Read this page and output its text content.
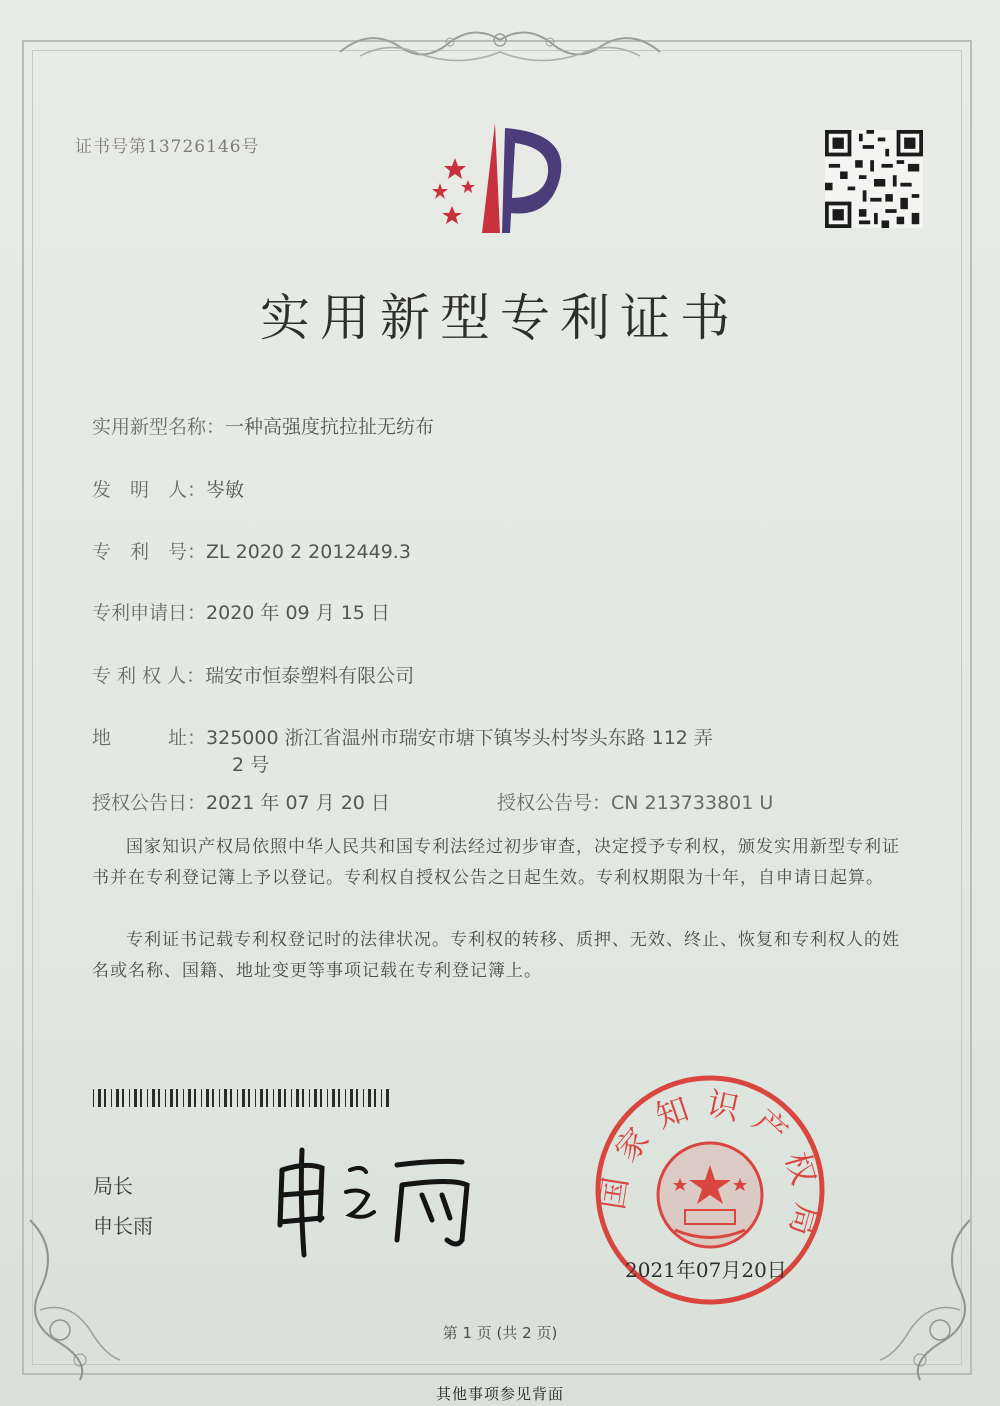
证书号第13726146号
实用新型专利证书
实用新型名称：一种高强度抗拉扯无纺布
发　明　人：岑敏
专　利　号：ZL 2020 2 2012449.3
专利申请日：2020 年 09 月 15 日
专 利 权 人：瑞安市恒泰塑料有限公司
地　　　址：325000 浙江省温州市瑞安市塘下镇岑头村岑头东路 112 弄
2 号
授权公告日：2021 年 07 月 20 日	授权公告号：CN 213733801 U
国家知识产权局依照中华人民共和国专利法经过初步审查，决定授予专利权，颁发实用新型专利证书并在专利登记簿上予以登记。专利权自授权公告之日起生效。专利权期限为十年，自申请日起算。
专利证书记载专利权登记时的法律状况。专利权的转移、质押、无效、终止、恢复和专利权人的姓名或名称、国籍、地址变更等事项记载在专利登记簿上。
局长
申长雨
国家知识产权局
2021年07月20日
第 1 页 (共 2 页)
其他事项参见背面
